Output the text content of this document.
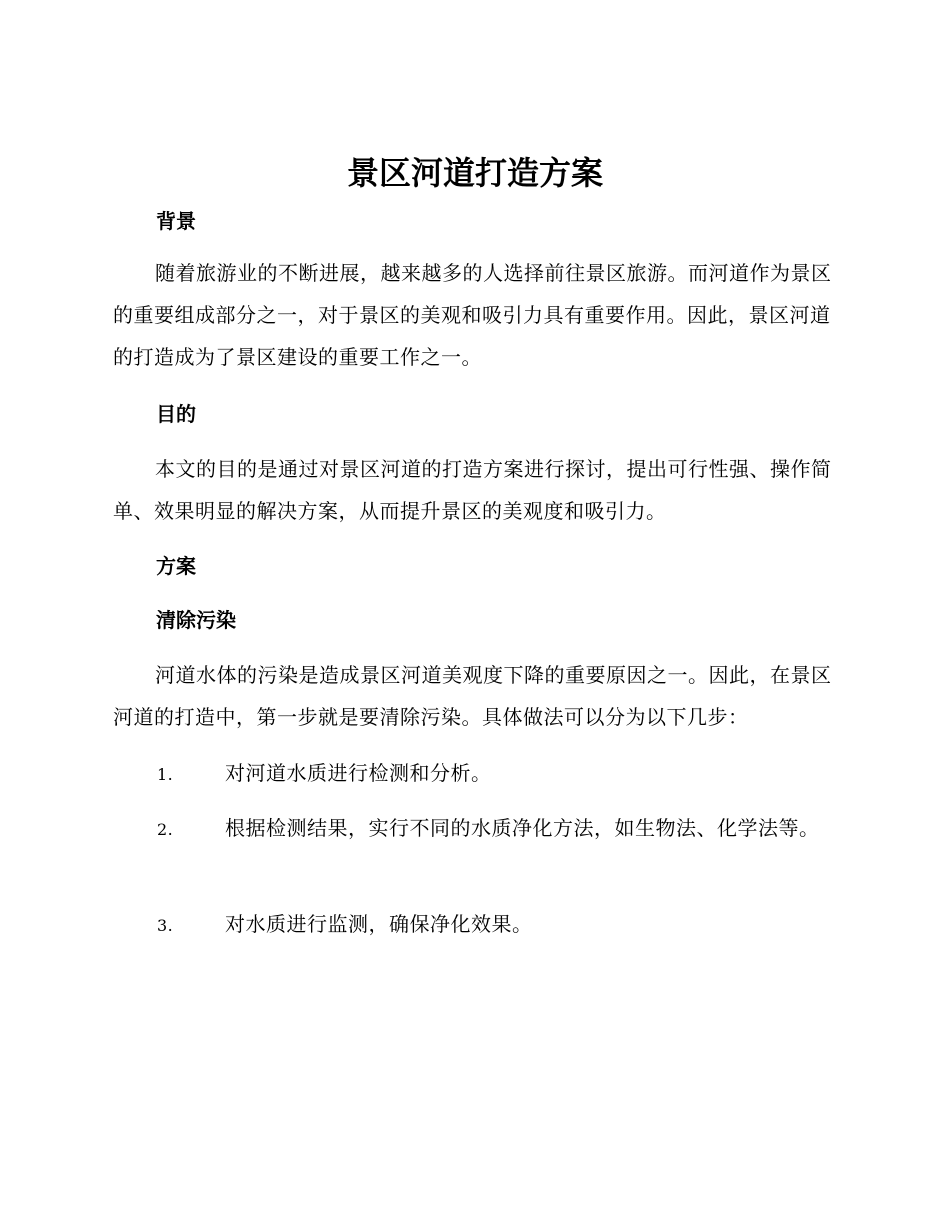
景区河道打造方案
背景

随着旅游业的不断进展，越来越多的人选择前往景区旅游。而河道作为景区的重要组成部分之一，对于景区的美观和吸引力具有重要作用。因此，景区河道的打造成为了景区建设的重要工作之一。

目的

本文的目的是通过对景区河道的打造方案进行探讨，提出可行性强、操作简单、效果明显的解决方案，从而提升景区的美观度和吸引力。

方案
清除污染

河道水体的污染是造成景区河道美观度下降的重要原因之一。因此，在景区河道的打造中，第一步就是要清除污染。具体做法可以分为以下几步：

1.	对河道水质进行检测和分析。
2.	根据检测结果，实行不同的水质净化方法，如生物法、化学法等。
3.	对水质进行监测，确保净化效果。
